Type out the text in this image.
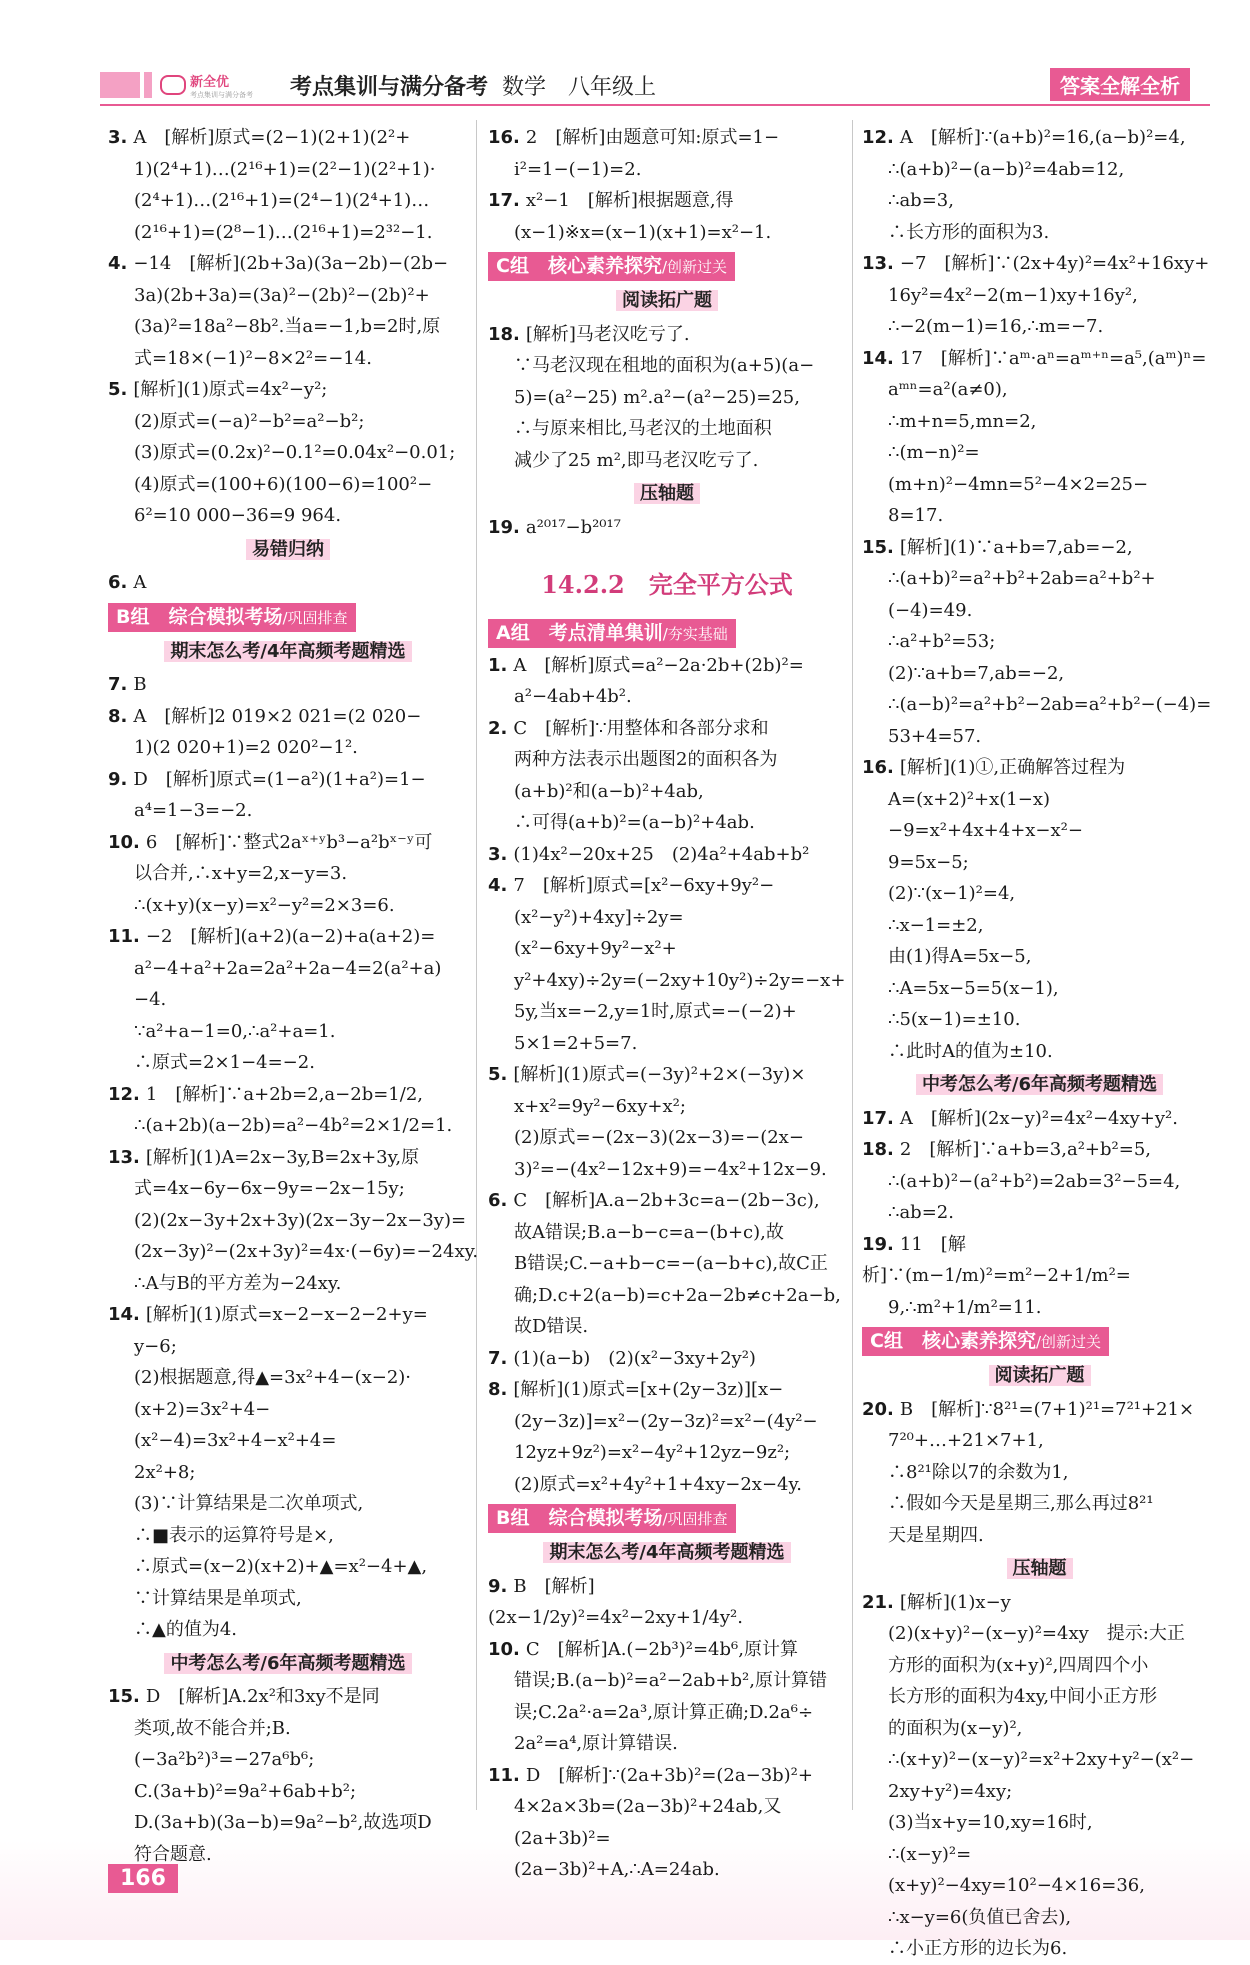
新全优
考点集训与满分备考 考点集训与满分备考 数学　八年级上	答案全解全析
3. A　[解析]原式=(2−1)(2+1)(2²+
1)(2⁴+1)…(2¹⁶+1)=(2²−1)(2²+1)·
(2⁴+1)…(2¹⁶+1)=(2⁴−1)(2⁴+1)…
(2¹⁶+1)=(2⁸−1)…(2¹⁶+1)=2³²−1.
4. −14　[解析](2b+3a)(3a−2b)−(2b−
3a)(2b+3a)=(3a)²−(2b)²−(2b)²+
(3a)²=18a²−8b².当a=−1,b=2时,原
式=18×(−1)²−8×2²=−14.
5. [解析](1)原式=4x²−y²;
(2)原式=(−a)²−b²=a²−b²;
(3)原式=(0.2x)²−0.1²=0.04x²−0.01;
(4)原式=(100+6)(100−6)=100²−
6²=10 000−36=9 964.
易错归纳
6. A
B组　综合模拟考场/巩固排查
期末怎么考/4年高频考题精选
7. B
8. A　[解析]2 019×2 021=(2 020−
1)(2 020+1)=2 020²−1².
9. D　[解析]原式=(1−a²)(1+a²)=1−
a⁴=1−3=−2.
10. 6　[解析]∵整式2aˣ⁺ʸb³−a²bˣ⁻ʸ可
以合并,∴x+y=2,x−y=3.
∴(x+y)(x−y)=x²−y²=2×3=6.
11. −2　[解析](a+2)(a−2)+a(a+2)=
a²−4+a²+2a=2a²+2a−4=2(a²+a)−4.
∵a²+a−1=0,∴a²+a=1.
∴原式=2×1−4=−2.
12. 1　[解析]∵a+2b=2,a−2b=1/2,
∴(a+2b)(a−2b)=a²−4b²=2×1/2=1.
13. [解析](1)A=2x−3y,B=2x+3y,原
式=4x−6y−6x−9y=−2x−15y;
(2)(2x−3y+2x+3y)(2x−3y−2x−3y)=
(2x−3y)²−(2x+3y)²=4x·(−6y)=−24xy.
∴A与B的平方差为−24xy.
14. [解析](1)原式=x−2−x−2−2+y=
y−6;
(2)根据题意,得▲=3x²+4−(x−2)·
(x+2)=3x²+4−(x²−4)=3x²+4−x²+4=
2x²+8;
(3)∵计算结果是二次单项式,
∴■表示的运算符号是×,
∴原式=(x−2)(x+2)+▲=x²−4+▲,
∵计算结果是单项式,
∴▲的值为4.
中考怎么考/6年高频考题精选
15. D　[解析]A.2x²和3xy不是同
类项,故不能合并;B.(−3a²b²)³=−27a⁶b⁶;
C.(3a+b)²=9a²+6ab+b²;
D.(3a+b)(3a−b)=9a²−b²,故选项D
符合题意.
16. 2　[解析]由题意可知:原式=1−
i²=1−(−1)=2.
17. x²−1　[解析]根据题意,得
(x−1)※x=(x−1)(x+1)=x²−1.
C组　核心素养探究/创新过关
阅读拓广题
18. [解析]马老汉吃亏了.
∵马老汉现在租地的面积为(a+5)(a−
5)=(a²−25) m².a²−(a²−25)=25,
∴与原来相比,马老汉的土地面积
减少了25 m²,即马老汉吃亏了.
压轴题
19. a²⁰¹⁷−b²⁰¹⁷
14.2.2　完全平方公式
A组　考点清单集训/夯实基础
1. A　[解析]原式=a²−2a·2b+(2b)²=
a²−4ab+4b².
2. C　[解析]∵用整体和各部分求和
两种方法表示出题图2的面积各为
(a+b)²和(a−b)²+4ab,
∴可得(a+b)²=(a−b)²+4ab.
3. (1)4x²−20x+25　(2)4a²+4ab+b²
4. 7　[解析]原式=[x²−6xy+9y²−
(x²−y²)+4xy]÷2y=(x²−6xy+9y²−x²+
y²+4xy)÷2y=(−2xy+10y²)÷2y=−x+
5y,当x=−2,y=1时,原式=−(−2)+
5×1=2+5=7.
5. [解析](1)原式=(−3y)²+2×(−3y)×
x+x²=9y²−6xy+x²;
(2)原式=−(2x−3)(2x−3)=−(2x−
3)²=−(4x²−12x+9)=−4x²+12x−9.
6. C　[解析]A.a−2b+3c=a−(2b−3c),
故A错误;B.a−b−c=a−(b+c),故
B错误;C.−a+b−c=−(a−b+c),故C正
确;D.c+2(a−b)=c+2a−2b≠c+2a−b,
故D错误.
7. (1)(a−b)　(2)(x²−3xy+2y²)
8. [解析](1)原式=[x+(2y−3z)][x−
(2y−3z)]=x²−(2y−3z)²=x²−(4y²−
12yz+9z²)=x²−4y²+12yz−9z²;
(2)原式=x²+4y²+1+4xy−2x−4y.
B组　综合模拟考场/巩固排查
期末怎么考/4年高频考题精选
9. B　[解析](2x−1/2y)²=4x²−2xy+1/4y².
10. C　[解析]A.(−2b³)²=4b⁶,原计算
错误;B.(a−b)²=a²−2ab+b²,原计算错
误;C.2a²·a=2a³,原计算正确;D.2a⁶÷
2a²=a⁴,原计算错误.
11. D　[解析]∵(2a+3b)²=(2a−3b)²+
4×2a×3b=(2a−3b)²+24ab,又(2a+3b)²=
(2a−3b)²+A,∴A=24ab.
12. A　[解析]∵(a+b)²=16,(a−b)²=4,
∴(a+b)²−(a−b)²=4ab=12,
∴ab=3,
∴长方形的面积为3.
13. −7　[解析]∵(2x+4y)²=4x²+16xy+
16y²=4x²−2(m−1)xy+16y²,
∴−2(m−1)=16,∴m=−7.
14. 17　[解析]∵aᵐ·aⁿ=aᵐ⁺ⁿ=a⁵,(aᵐ)ⁿ=
aᵐⁿ=a²(a≠0),
∴m+n=5,mn=2,
∴(m−n)²=(m+n)²−4mn=5²−4×2=25−
8=17.
15. [解析](1)∵a+b=7,ab=−2,
∴(a+b)²=a²+b²+2ab=a²+b²+(−4)=49.
∴a²+b²=53;
(2)∵a+b=7,ab=−2,
∴(a−b)²=a²+b²−2ab=a²+b²−(−4)=
53+4=57.
16. [解析](1)①,正确解答过程为
A=(x+2)²+x(1−x)−9=x²+4x+4+x−x²−
9=5x−5;
(2)∵(x−1)²=4,
∴x−1=±2,
由(1)得A=5x−5,
∴A=5x−5=5(x−1),
∴5(x−1)=±10.
∴此时A的值为±10.
中考怎么考/6年高频考题精选
17. A　[解析](2x−y)²=4x²−4xy+y².
18. 2　[解析]∵a+b=3,a²+b²=5,
∴(a+b)²−(a²+b²)=2ab=3²−5=4,
∴ab=2.
19. 11　[解析]∵(m−1/m)²=m²−2+1/m²=
9,∴m²+1/m²=11.
C组　核心素养探究/创新过关
阅读拓广题
20. B　[解析]∵8²¹=(7+1)²¹=7²¹+21×
7²⁰+…+21×7+1,
∴8²¹除以7的余数为1,
∴假如今天是星期三,那么再过8²¹
天是星期四.
压轴题
21. [解析](1)x−y
(2)(x+y)²−(x−y)²=4xy　提示:大正
方形的面积为(x+y)²,四周四个小
长方形的面积为4xy,中间小正方形
的面积为(x−y)²,
∴(x+y)²−(x−y)²=x²+2xy+y²−(x²−
2xy+y²)=4xy;
(3)当x+y=10,xy=16时,
∴(x−y)²=(x+y)²−4xy=10²−4×16=36,
∴x−y=6(负值已舍去),
∴小正方形的边长为6.
166
